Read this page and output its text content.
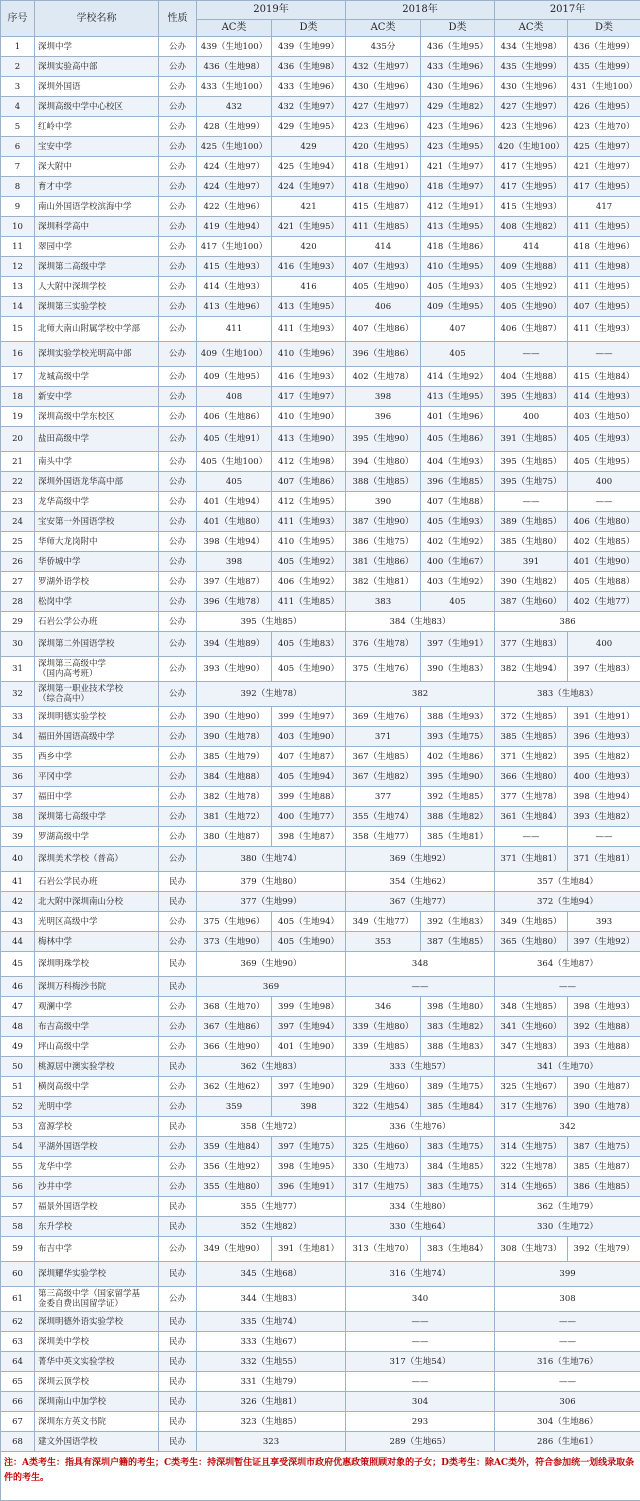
序号	学校名称	性质	2019年		2018年		2017年	
			AC类	D类	AC类	D类	AC类	D类
1	深圳中学	公办	439（生地100）	439（生地99）	435分	436（生地95）	434（生地98）	436（生地99）
2	深圳实验高中部	公办	436（生地98）	436（生地98）	432（生地97）	433（生地96）	435（生地99）	435（生地99）
3	深圳外国语	公办	433（生地100）	433（生地96）	430（生地96）	430（生地96）	430（生地96）	431（生地100）
4	深圳高级中学中心校区	公办	432	432（生地97）	427（生地97）	429（生地82）	427（生地97）	426（生地95）
5	红岭中学	公办	428（生地99）	429（生地95）	423（生地96）	423（生地96）	423（生地96）	423（生地70）
6	宝安中学	公办	425（生地100）	429	420（生地95）	423（生地95）	420（生地100）	425（生地97）
7	深大附中	公办	424（生地97）	425（生地94）	418（生地91）	421（生地97）	417（生地95）	421（生地97）
8	育才中学	公办	424（生地97）	424（生地97）	418（生地90）	418（生地97）	417（生地95）	417（生地95）
9	南山外国语学校滨海中学	公办	422（生地96）	421	415（生地87）	412（生地91）	415（生地93）	417
10	深圳科学高中	公办	419（生地94）	421（生地95）	411（生地85）	413（生地95）	408（生地82）	411（生地95）
11	翠园中学	公办	417（生地100）	420	414	418（生地86）	414	418（生地96）
12	深圳第二高级中学	公办	415（生地93）	416（生地93）	407（生地93）	410（生地95）	409（生地88）	411（生地98）
13	人大附中深圳学校	公办	414（生地93）	416	405（生地90）	405（生地93）	405（生地92）	411（生地95）
14	深圳第三实验学校	公办	413（生地96）	413（生地95）	406	409（生地95）	405（生地90）	407（生地95）
15	北师大南山附属学校中学部	公办	411	411（生地93）	407（生地86）	407	406（生地87）	411（生地93）
16	深圳实验学校光明高中部	公办	409（生地100）	410（生地96）	396（生地86）	405	——	——
17	龙城高级中学	公办	409（生地95）	416（生地93）	402（生地78）	414（生地92）	404（生地88）	415（生地84）
18	新安中学	公办	408	417（生地97）	398	413（生地95）	395（生地83）	414（生地93）
19	深圳高级中学东校区	公办	406（生地86）	410（生地90）	396	401（生地96）	400	403（生地50）
20	盐田高级中学	公办	405（生地91）	413（生地90）	395（生地90）	405（生地86）	391（生地85）	405（生地93）
21	南头中学	公办	405（生地100）	412（生地98）	394（生地80）	404（生地93）	395（生地85）	405（生地95）
22	深圳外国语龙华高中部	公办	405	407（生地86）	388（生地85）	396（生地85）	395（生地75）	400
23	龙华高级中学	公办	401（生地94）	412（生地95）	390	407（生地88）	——	——
24	宝安第一外国语学校	公办	401（生地80）	411（生地93）	387（生地90）	405（生地93）	389（生地85）	406（生地80）
25	华师大龙岗附中	公办	398（生地94）	410（生地95）	386（生地75）	402（生地92）	385（生地80）	402（生地85）
26	华侨城中学	公办	398	405（生地92）	381（生地86）	400（生地67）	391	401（生地90）
27	罗湖外语学校	公办	397（生地87）	406（生地92）	382（生地81）	403（生地92）	390（生地82）	405（生地88）
28	松岗中学	公办	396（生地78）	411（生地85）	383	405	387（生地60）	402（生地77）
29	石岩公学公办班	公办	395（生地85）		384（生地83）		386	
30	深圳第二外国语学校	公办	394（生地89）	405（生地83）	376（生地78）	397（生地91）	377（生地83）	400
31	深圳第三高级中学
（国内高考班）	公办	393（生地90）	405（生地90）	375（生地76）	390（生地83）	382（生地94）	397（生地83）
32	深圳第一职业技术学校
（综合高中）	公办	392（生地78）		382		383（生地83）	
33	深圳明德实验学校	公办	390（生地90）	399（生地97）	369（生地76）	388（生地93）	372（生地85）	391（生地91）
34	福田外国语高级中学	公办	390（生地78）	403（生地90）	371	393（生地75）	385（生地85）	396（生地93）
35	西乡中学	公办	385（生地79）	407（生地87）	367（生地85）	402（生地86）	371（生地82）	395（生地82）
36	平冈中学	公办	384（生地88）	405（生地94）	367（生地82）	395（生地90）	366（生地80）	400（生地93）
37	福田中学	公办	382（生地78）	399（生地88）	377	392（生地85）	377（生地78）	398（生地94）
38	深圳第七高级中学	公办	381（生地72）	400（生地77）	355（生地74）	388（生地82）	361（生地84）	393（生地82）
39	罗湖高级中学	公办	380（生地87）	398（生地87）	358（生地77）	385（生地81）	——	——
40	深圳美术学校（普高）	公办	380（生地74）		369（生地92）		371（生地81）	371（生地81）
41	石岩公学民办班	民办	379（生地80）		354（生地62）		357（生地84）	
42	北大附中深圳南山分校	民办	377（生地99）		367（生地77）		372（生地94）	
43	光明区高级中学	公办	375（生地96）	405（生地94）	349（生地77）	392（生地83）	349（生地85）	393
44	梅林中学	公办	373（生地90）	405（生地90）	353	387（生地85）	365（生地80）	397（生地92）
45	深圳明珠学校	民办	369（生地90）		348		364（生地87）	
46	深圳万科梅沙书院	民办	369		——		——	
47	观澜中学	公办	368（生地70）	399（生地98）	346	398（生地80）	348（生地85）	398（生地93）
48	布吉高级中学	公办	367（生地86）	397（生地94）	339（生地80）	383（生地82）	341（生地60）	392（生地88）
49	坪山高级中学	公办	366（生地90）	401（生地90）	339（生地85）	388（生地83）	347（生地83）	393（生地88）
50	桃源居中澳实验学校	民办	362（生地83）		333（生地57）		341（生地70）	
51	横岗高级中学	公办	362（生地62）	397（生地90）	329（生地60）	389（生地75）	325（生地67）	390（生地87）
52	光明中学	公办	359	398	322（生地54）	385（生地84）	317（生地76）	390（生地78）
53	富源学校	民办	358（生地72）		336（生地76）		342	
54	平湖外国语学校	公办	359（生地84）	397（生地75）	325（生地60）	383（生地75）	314（生地75）	387（生地75）
55	龙华中学	公办	356（生地92）	398（生地95）	330（生地73）	384（生地85）	322（生地78）	385（生地87）
56	沙井中学	公办	355（生地80）	396（生地91）	317（生地75）	383（生地75）	314（生地65）	386（生地85）
57	福景外国语学校	民办	355（生地77）		334（生地80）		362（生地79）	
58	东升学校	民办	352（生地82）		330（生地64）		330（生地72）	
59	布吉中学	公办	349（生地90）	391（生地81）	313（生地70）	383（生地84）	308（生地73）	392（生地79）
60	深圳耀华实验学校	民办	345（生地68）		316（生地74）		399	
61	第三高级中学（国家留学基
金委自费出国留学证）	公办	344（生地83）		340		308	
62	深圳明德外语实验学校	民办	335（生地74）		——		——	
63	深圳美中学校	民办	333（生地67）		——		——	
64	菁华中英文实验学校	民办	332（生地55）		317（生地54）		316（生地76）	
65	深圳云顶学校	民办	331（生地79）		——		——	
66	深圳南山中加学校	民办	326（生地81）		304		306	
67	深圳东方英文书院	民办	323（生地85）		293		304（生地86）	
68	建文外国语学校	民办	323		289（生地65）		286（生地61）	
注：A类考生：指具有深圳户籍的考生；C类考生：持深圳暂住证且享受深圳市政府优惠政策照顾对象的子女；D类考生：除AC类外，符合参加统一划线录取条件的考生。
